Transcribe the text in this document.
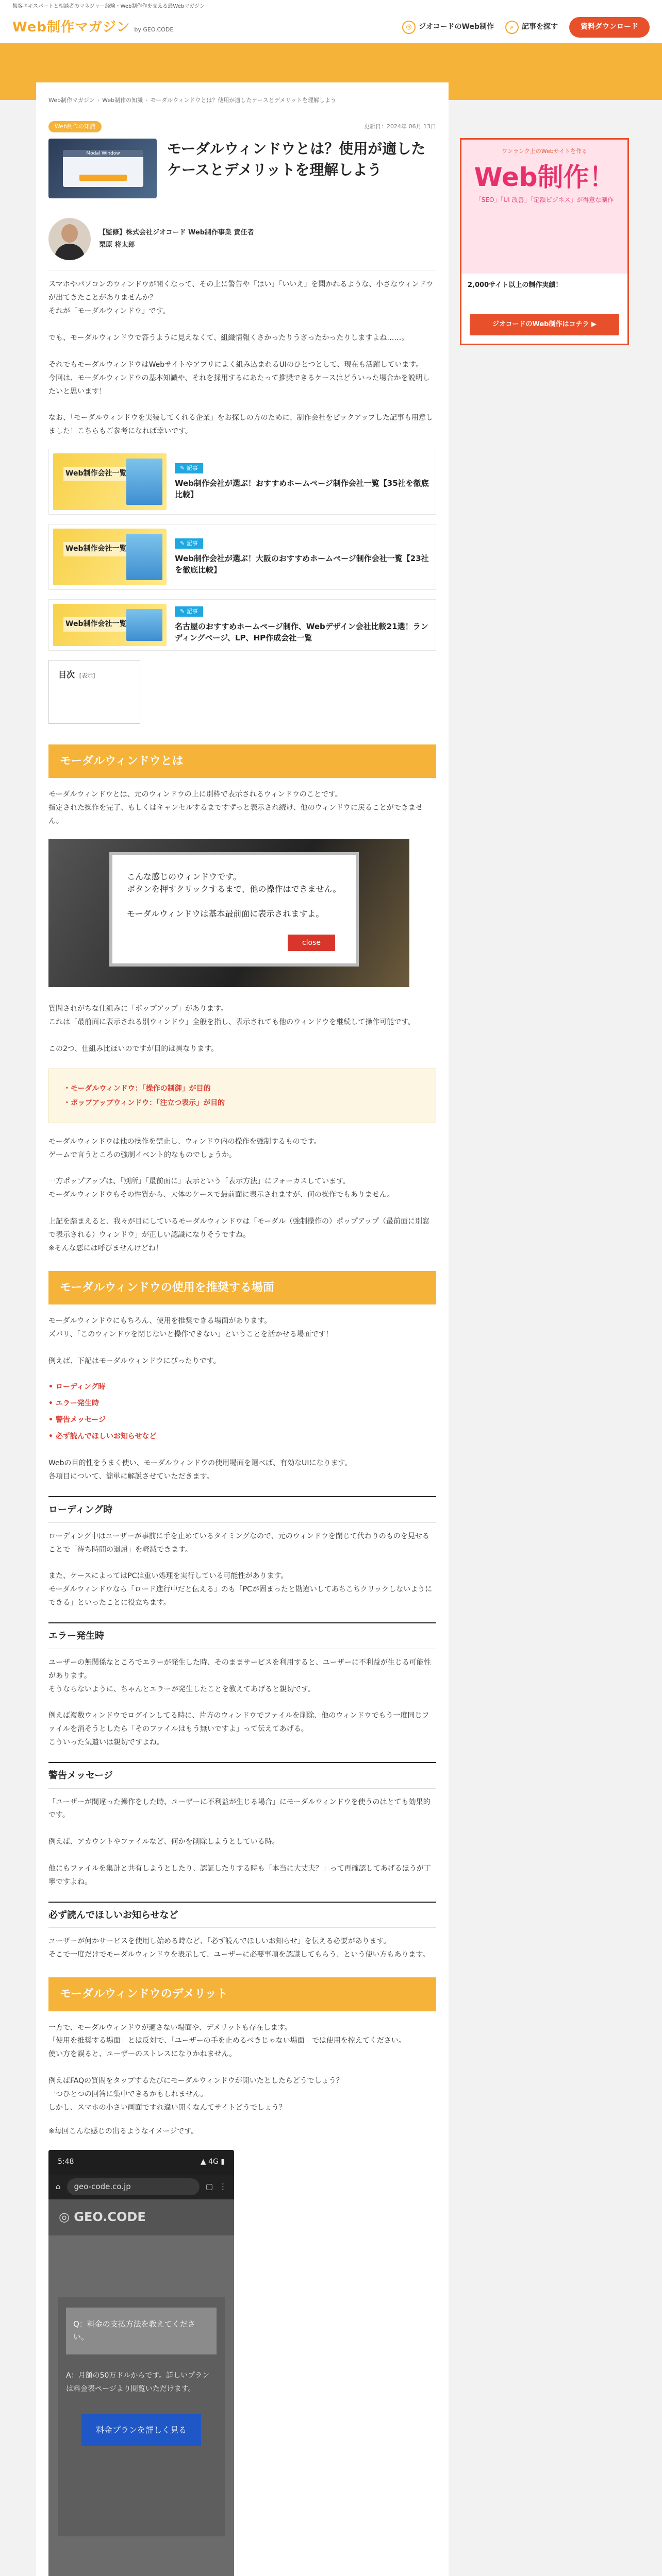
集客エキスパートと相談者のマネジャー経験・Web制作作を支える最Webマガジン
Web制作マガジン by GEO.CODE	◎ ジオコードのWeb制作	⌕	記事を探す	資料ダウンロード
Web制作マガジン › Web制作の知識 › モーダルウィンドウとは？使用が適したケースとデメリットを理解しよう
Web制作の知識	更新日：2024年 06月 13日
Modal Window	モーダルウィンドウとは？使用が適したケースとデメリットを理解しよう
【監修】株式会社ジオコード Web制作事業 責任者
栗原 将太郎
スマホやパソコンのウィンドウが開くなって、その上に警告や「はい」「いいえ」を聞かれるような、小さなウィンドウが出てきたことがありませんか？
それが「モーダルウィンドウ」です。

でも、モーダルウィンドウで答うように見えなくて、組織情報くさかったりうざったかったりしますよね……。

それでもモーダルウィンドウはWebサイトやアプリによく組み込まれるUIのひとつとして、現在も活躍しています。
今回は、モーダルウィンドウの基本知識や、それを採用するにあたって推奨できるケースはどういった場合かを説明したいと思います！

なお、「モーダルウィンドウを実装してくれる企業」をお探しの方のために、制作会社をピックアップした記事も用意しました！こちらもご参考になれば幸いです。
Web制作会社一覧
✎ 記事
Web制作会社が選ぶ！おすすめホームページ制作会社一覧【35社を徹底比較】
Web制作会社一覧
✎ 記事
Web制作会社が選ぶ！大阪のおすすめホームページ制作会社一覧【23社を徹底比較】
Web制作会社一覧
✎ 記事
名古屋のおすすめホームページ制作、Webデザイン会社比較21選！ランディングページ、LP、HP作成会社一覧
目次 [表示]
モーダルウィンドウとは
モーダルウィンドウとは、元のウィンドウの上に別枠で表示されるウィンドウのことです。
指定された操作を完了、もしくはキャンセルするまですずっと表示され続け、他のウィンドウに戻ることができません。
こんな感じのウィンドウです。
ボタンを押すクリックするまで、他の操作はできません。

モーダルウィンドウは基本最前面に表示されますよ。
close
質問されがちな仕組みに「ポップアップ」があります。
これは「最前面に表示される別ウィンドウ」全般を指し、表示されても他のウィンドウを継続して操作可能です。

この2つ、仕組み比ほいのですが目的は異なります。
・ モーダルウィンドウ：「操作の制御」が目的
・ ポップアップウィンドウ：「注立つ表示」が目的
モーダルウィンドウは他の操作を禁止し、ウィンドウ内の操作を強制するものです。
ゲームで言うところの強制イベント的なものでしょうか。

一方ポップアップは、「別所」「最前面に」表示という「表示方法」にフォーカスしています。
モーダルウィンドウもその性質から、大体のケースで最前面に表示されますが、何の操作でもありません。

上記を踏まえると、我々が目にしているモーダルウィンドウは「モーダル（強制操作の）ポップアップ（最前面に別窓で表示される）ウィンドウ」が正しい認識になりそうですね。
※そんな悪には呼びませんけどね！
モーダルウィンドウの使用を推奨する場面
モーダルウィンドウにもちろん、使用を推奨できる場面があります。
ズバリ、「このウィンドウを閉じないと操作できない」ということを活かせる場面です！

例えば、下記はモーダルウィンドウにぴったりです。
• ローディング時
• エラー発生時
• 警告メッセージ
• 必ず読んでほしいお知らせなど
Webの目的性をうまく使い、モーダルウィンドウの使用場面を選べば、有効なUIになります。
各項目について、簡単に解説させていただきます。
ローディング時
ローディング中はユーザーが事前に手を止めているタイミングなので、元のウィンドウを閉じて代わりのものを見せることで「待ち時間の退屈」を軽減できます。

また、ケースによってはPCは重い処理を実行している可能性があります。
モーダルウィンドウなら「ロード進行中だと伝える」のも「PCが固まったと勘違いしてあちこちクリックしないようにできる」といったことに役立ちます。
エラー発生時
ユーザーの無関係なところでエラーが発生した時、そのままサービスを利用すると、ユーザーに不利益が生じる可能性があります。
そうならないように、ちゃんとエラーが発生したことを教えてあげると親切です。

例えば複数ウィンドウでログインしてる時に、片方のウィンドウでファイルを削除、他のウィンドウでもう一度同じファイルを消そうとしたら「そのファイルはもう無いですよ」って伝えてあげる。
こういった気遣いは親切ですよね。
警告メッセージ
「ユーザーが間違った操作をした時、ユーザーに不利益が生じる場合」にモーダルウィンドウを使うのはとても効果的です。

例えば、アカウントやファイルなど、何かを削除しようとしている時。

他にもファイルを集計と共有しようとしたり、認証したりする時も「本当に大丈夫？」って再確認してあげるほうが丁寧ですよね。
必ず読んでほしいお知らせなど
ユーザーが何かサービスを使用し始める時など、「必ず読んでほしいお知らせ」を伝える必要があります。
そこで一度だけでモーダルウィンドウを表示して、ユーザーに必要事項を認識してもらう、という使い方もあります。
モーダルウィンドウのデメリット
一方で、モーダルウィンドウが適さない場面や、デメリットも存在します。
「使用を推奨する場面」とは反対で、「ユーザーの手を止めるべきじゃない場面」では使用を控えてください。
使い方を誤ると、ユーザーのストレスになりかねません。

例えばFAQの質問をタップするたびにモーダルウィンドウが開いたとしたらどうでしょう？
一つひとつの回答に集中できるかもしれません。
しかし、スマホの小さい画面ですれ違い開くなんてサイトどうでしょう？
※毎回こんな感じの出るようなイメージです。
5:48	▲ 4G ▮
⌂	geo-code.co.jp	▢ ⋮
◎ GEO.CODE
Q：料金の支払方法を教えてください。
A：月額の50万ドルからです。詳しいプランは料金表ページより閲覧いただけます。
料金プランを詳しく見る
ワンランク上のWebサイトを作る
Web制作！
「SEO」「UI 改善」「定額ビジネス」が得意な制作
2,000サイト以上の制作実績！
ジオコードのWeb制作はコチラ ▶
